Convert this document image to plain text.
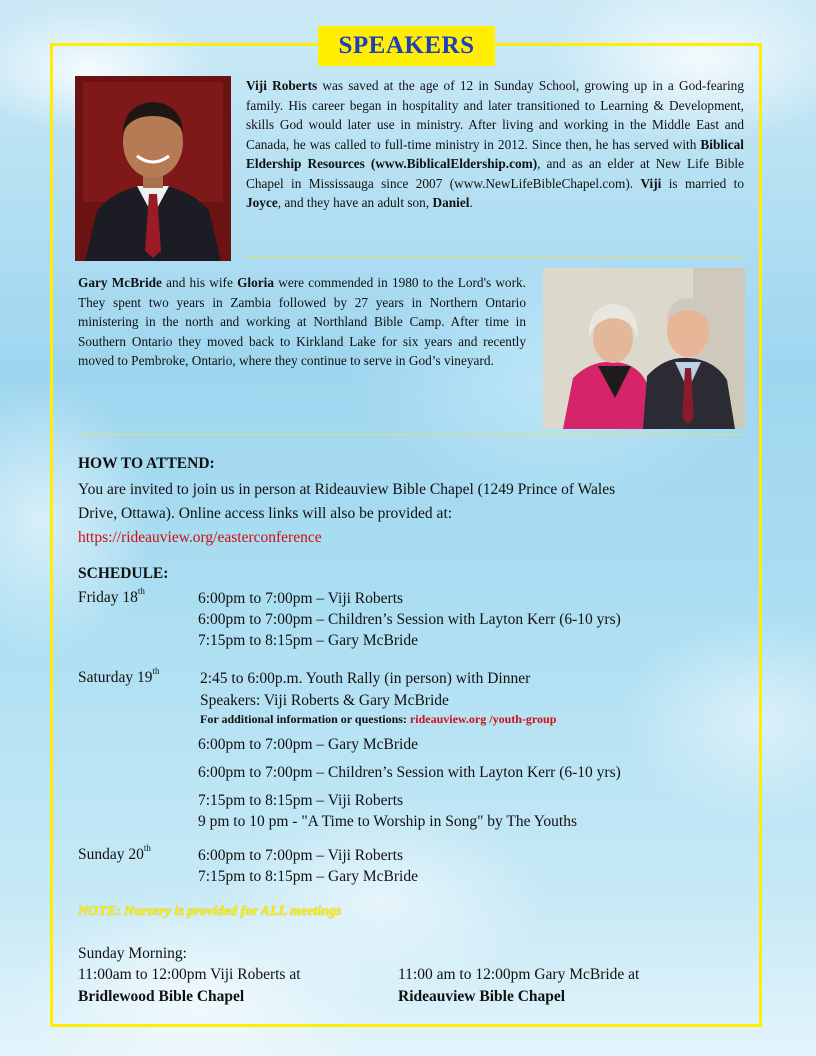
SPEAKERS
Viji Roberts was saved at the age of 12 in Sunday School, growing up in a God-fearing family. His career began in hospitality and later transitioned to Learning & Development, skills God would later use in ministry. After living and working in the Middle East and Canada, he was called to full-time ministry in 2012. Since then, he has served with Biblical Eldership Resources (www.BiblicalEldership.com), and as an elder at New Life Bible Chapel in Mississauga since 2007 (www.NewLifeBibleChapel.com). Viji is married to Joyce, and they have an adult son, Daniel.
Gary McBride and his wife Gloria were commended in 1980 to the Lord's work. They spent two years in Zambia followed by 27 years in Northern Ontario ministering in the north and working at Northland Bible Camp. After time in Southern Ontario they moved back to Kirkland Lake for six years and recently moved to Pembroke, Ontario, where they continue to serve in God’s vineyard.
HOW TO ATTEND:
You are invited to join us in person at Rideauview Bible Chapel (1249 Prince of Wales
Drive, Ottawa). Online access links will also be provided at:
https://rideauview.org/easterconference
SCHEDULE:
Friday 18th	6:00pm to 7:00pm – Viji Roberts
6:00pm to 7:00pm – Children’s Session with Layton Kerr (6-10 yrs)
7:15pm to 8:15pm – Gary McBride
Saturday 19th	2:45 to 6:00p.m. Youth Rally (in person) with Dinner
Speakers: Viji Roberts & Gary McBride
For additional information or questions: rideauview.org /youth-group
6:00pm to 7:00pm – Gary McBride
6:00pm to 7:00pm – Children’s Session with Layton Kerr (6-10 yrs)
7:15pm to 8:15pm – Viji Roberts
9 pm to 10 pm - "A Time to Worship in Song" by The Youths
Sunday 20th	6:00pm to 7:00pm – Viji Roberts
7:15pm to 8:15pm – Gary McBride
NOTE: Nursery is provided for ALL meetings
Sunday Morning:
11:00am to 12:00pm Viji Roberts at
Bridlewood Bible Chapel
11:00 am to 12:00pm Gary McBride at
Rideauview Bible Chapel
